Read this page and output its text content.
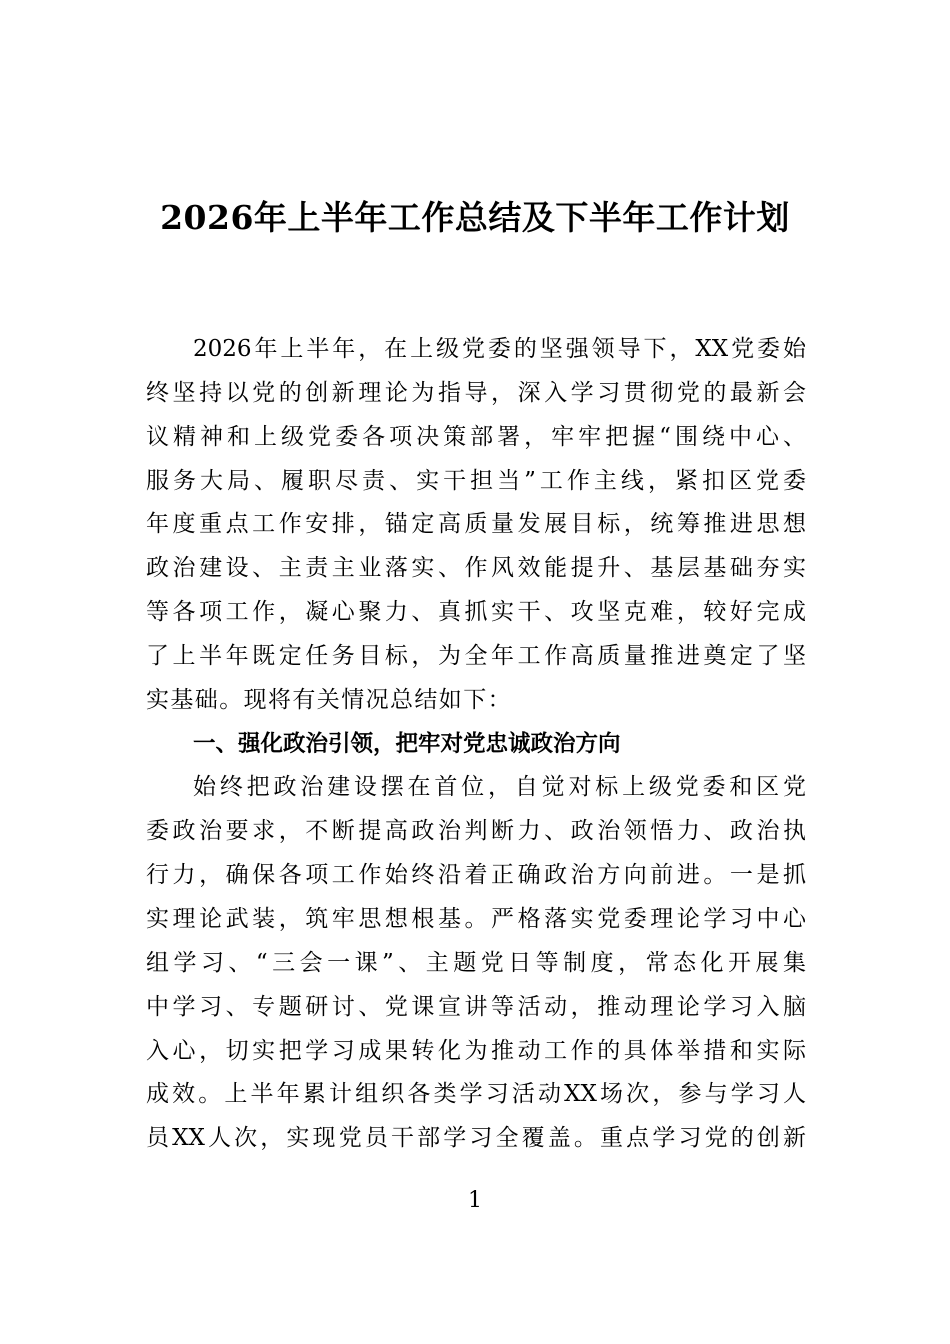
2026年上半年工作总结及下半年工作计划
2026年上半年，在上级党委的坚强领导下，XX党委始
终坚持以党的创新理论为指导，深入学习贯彻党的最新会
议精神和上级党委各项决策部署，牢牢把握“围绕中心、
服务大局、履职尽责、实干担当”工作主线，紧扣区党委
年度重点工作安排，锚定高质量发展目标，统筹推进思想
政治建设、主责主业落实、作风效能提升、基层基础夯实
等各项工作，凝心聚力、真抓实干、攻坚克难，较好完成
了上半年既定任务目标，为全年工作高质量推进奠定了坚
实基础。现将有关情况总结如下：
一、强化政治引领，把牢对党忠诚政治方向
始终把政治建设摆在首位，自觉对标上级党委和区党
委政治要求，不断提高政治判断力、政治领悟力、政治执
行力，确保各项工作始终沿着正确政治方向前进。一是抓
实理论武装，筑牢思想根基。严格落实党委理论学习中心
组学习、“三会一课”、主题党日等制度，常态化开展集
中学习、专题研讨、党课宣讲等活动，推动理论学习入脑
入心，切实把学习成果转化为推动工作的具体举措和实际
成效。上半年累计组织各类学习活动XX场次，参与学习人
员XX人次，实现党员干部学习全覆盖。重点学习党的创新
1
